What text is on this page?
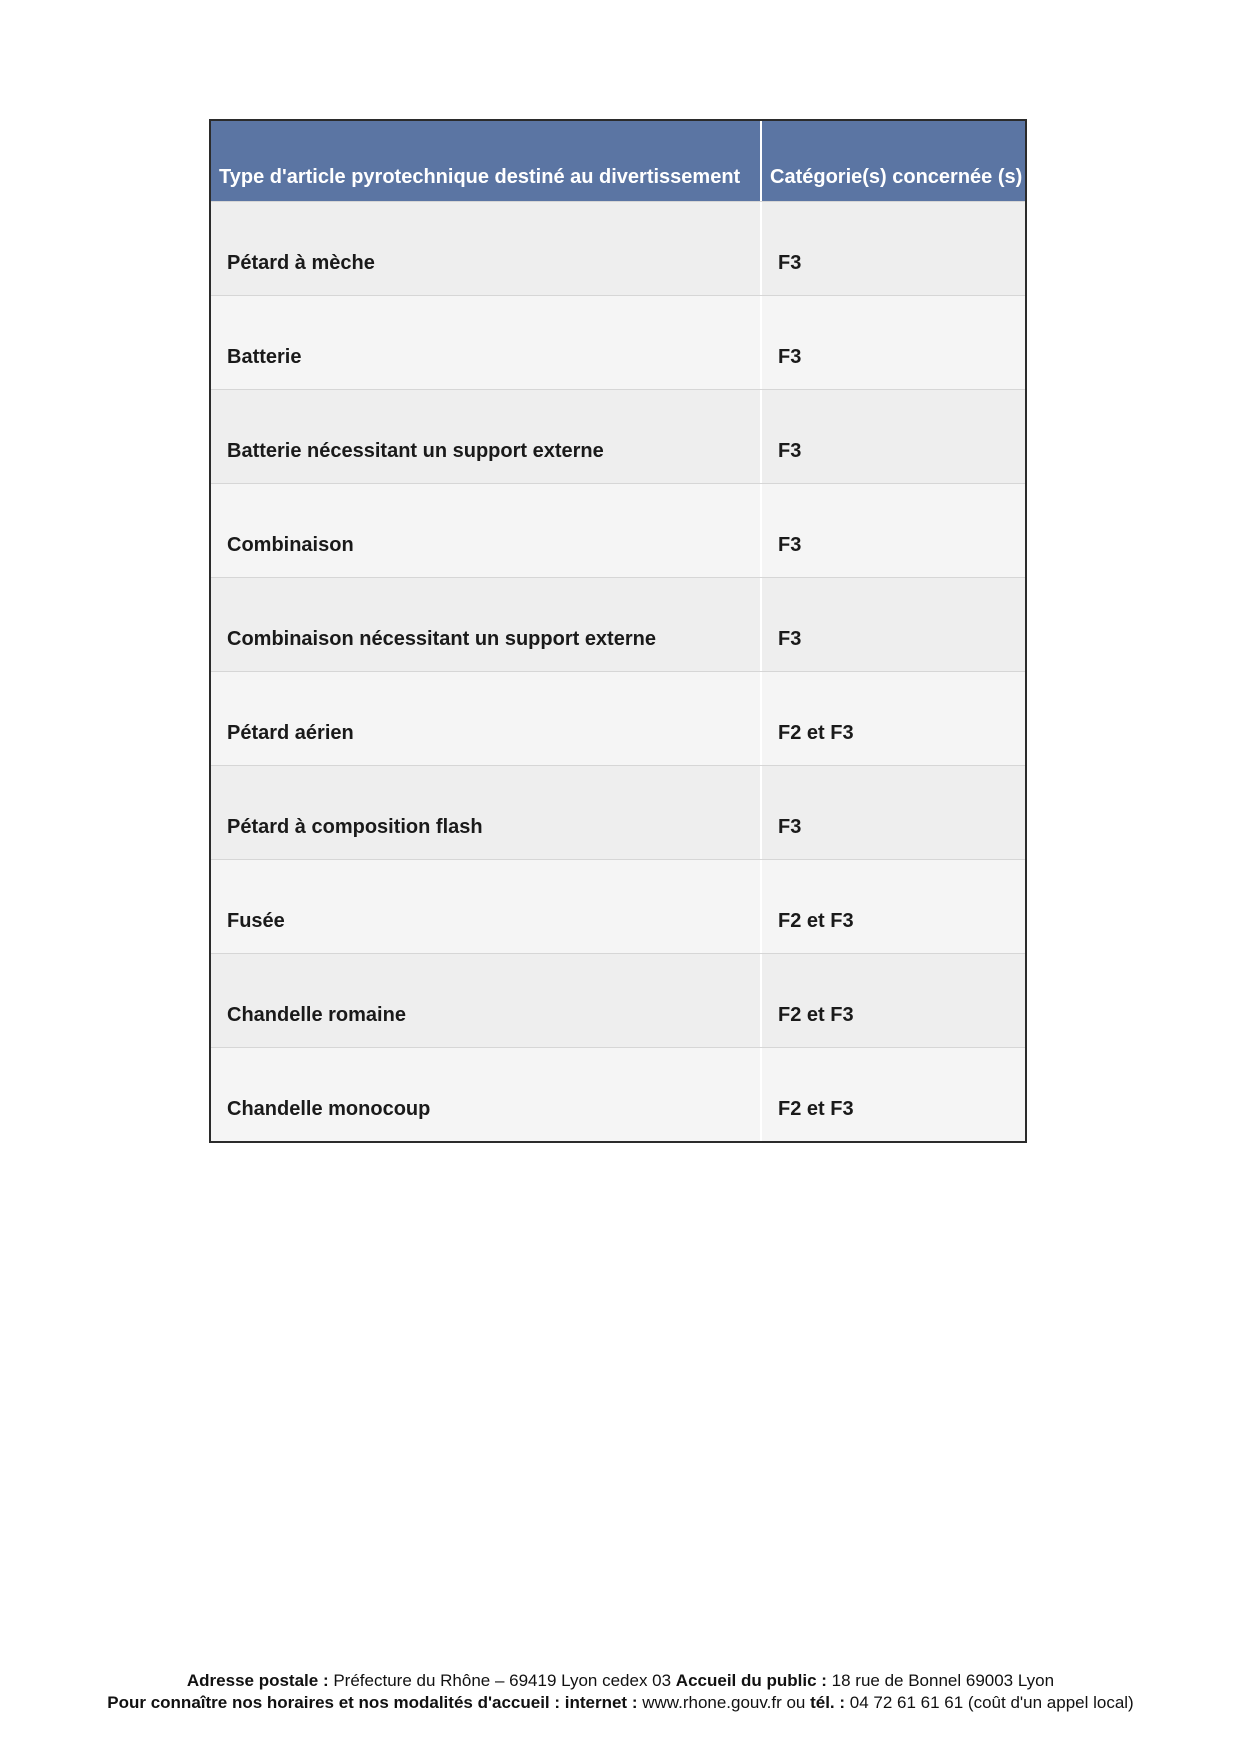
Type d'article pyrotechnique destiné au divertissement	Catégorie(s) concernée (s)
Pétard à mèche	F3
Batterie	F3
Batterie nécessitant un support externe	F3
Combinaison	F3
Combinaison nécessitant un support externe	F3
Pétard aérien	F2 et F3
Pétard à composition flash	F3
Fusée	F2 et F3
Chandelle romaine	F2 et F3
Chandelle monocoup	F2 et F3
Adresse postale : Préfecture du Rhône – 69419 Lyon cedex 03 Accueil du public : 18 rue de Bonnel 69003 Lyon
Pour connaître nos horaires et nos modalités d'accueil : internet : www.rhone.gouv.fr ou tél. : 04 72 61 61 61 (coût d'un appel local)
